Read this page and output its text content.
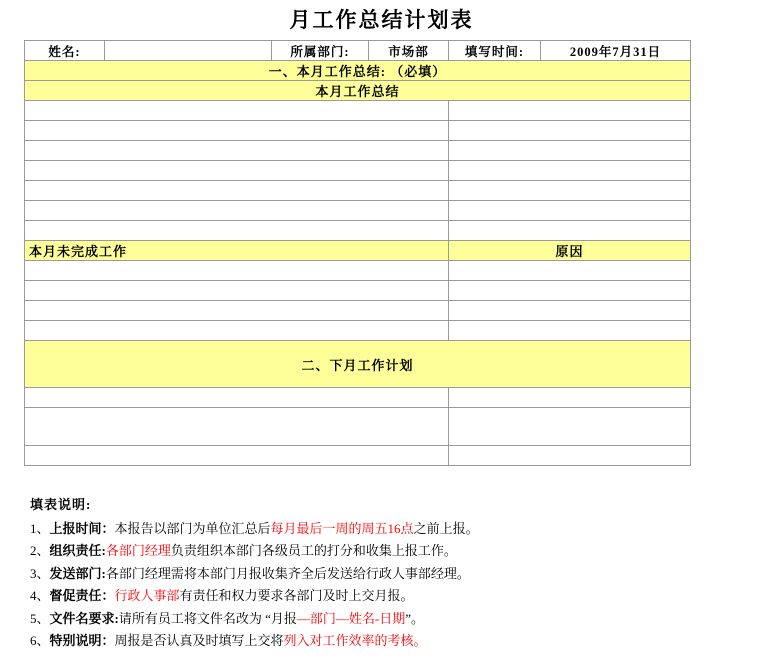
月工作总结计划表
姓名:		所属部门:	市场部	填写时间:	2009年7月31日
一、本月工作总结: （必填）					
本月工作总结					

本月未完成工作				原因	

二、下月工作计划					

填表说明:
1、上报时间：本报告以部门为单位汇总后每月最后一周的周五16点之前上报。
2、组织责任:各部门经理负责组织本部门各级员工的打分和收集上报工作。
3、发送部门:各部门经理需将本部门月报收集齐全后发送给行政人事部经理。
4、督促责任：行政人事部有责任和权力要求各部门及时上交月报。
5、文件名要求:请所有员工将文件名改为 “月报—部门—姓名-日期”。
6、特别说明：周报是否认真及时填写上交将列入对工作效率的考核。
